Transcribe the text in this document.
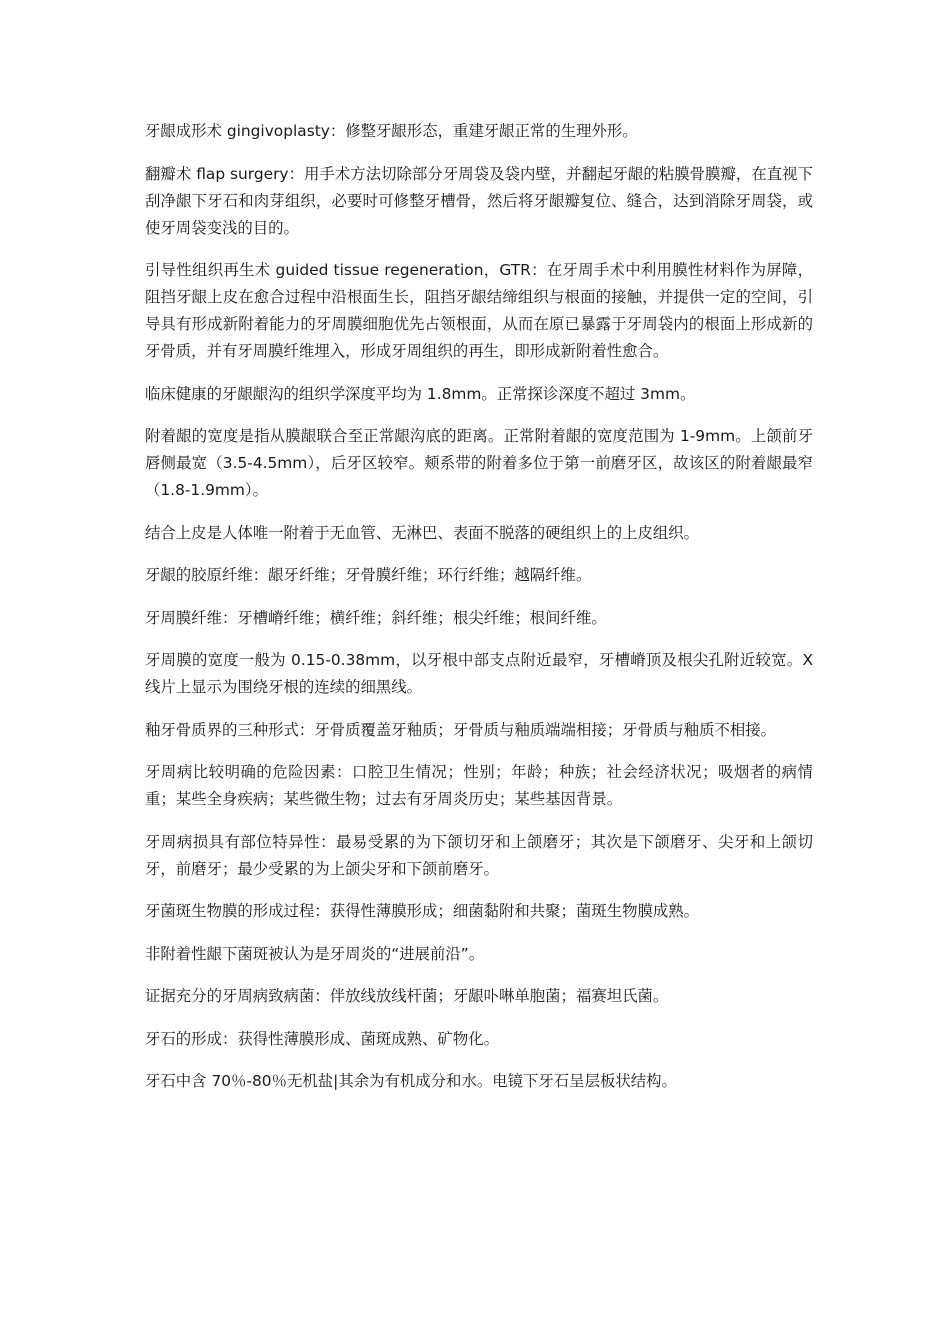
牙龈成形术 gingivoplasty：修整牙龈形态，重建牙龈正常的生理外形。

翻瓣术 flap surgery：用手术方法切除部分牙周袋及袋内壁，并翻起牙龈的粘膜骨膜瓣，在直视下刮净龈下牙石和肉芽组织，必要时可修整牙槽骨，然后将牙龈瓣复位、缝合，达到消除牙周袋，或使牙周袋变浅的目的。

引导性组织再生术 guided tissue regeneration，GTR：在牙周手术中利用膜性材料作为屏障，阻挡牙龈上皮在愈合过程中沿根面生长，阻挡牙龈结缔组织与根面的接触，并提供一定的空间，引导具有形成新附着能力的牙周膜细胞优先占领根面，从而在原已暴露于牙周袋内的根面上形成新的牙骨质，并有牙周膜纤维埋入，形成牙周组织的再生，即形成新附着性愈合。

临床健康的牙龈龈沟的组织学深度平均为 1.8mm。正常探诊深度不超过 3mm。

附着龈的宽度是指从膜龈联合至正常龈沟底的距离。正常附着龈的宽度范围为 1-9mm。上颌前牙唇侧最宽（3.5-4.5mm），后牙区较窄。颊系带的附着多位于第一前磨牙区，故该区的附着龈最窄（1.8-1.9mm）。

结合上皮是人体唯一附着于无血管、无淋巴、表面不脱落的硬组织上的上皮组织。

牙龈的胶原纤维：龈牙纤维；牙骨膜纤维；环行纤维；越隔纤维。

牙周膜纤维：牙槽嵴纤维；横纤维；斜纤维；根尖纤维；根间纤维。

牙周膜的宽度一般为 0.15-0.38mm，以牙根中部支点附近最窄，牙槽嵴顶及根尖孔附近较宽。X 线片上显示为围绕牙根的连续的细黑线。

釉牙骨质界的三种形式：牙骨质覆盖牙釉质；牙骨质与釉质端端相接；牙骨质与釉质不相接。

牙周病比较明确的危险因素：口腔卫生情况；性别；年龄；种族；社会经济状况；吸烟者的病情重；某些全身疾病；某些微生物；过去有牙周炎历史；某些基因背景。

牙周病损具有部位特异性：最易受累的为下颌切牙和上颌磨牙；其次是下颌磨牙、尖牙和上颌切牙，前磨牙；最少受累的为上颌尖牙和下颌前磨牙。

牙菌斑生物膜的形成过程：获得性薄膜形成；细菌黏附和共聚；菌斑生物膜成熟。

非附着性龈下菌斑被认为是牙周炎的“进展前沿”。

证据充分的牙周病致病菌：伴放线放线杆菌；牙龈卟啉单胞菌；福赛坦氏菌。

牙石的形成：获得性薄膜形成、菌斑成熟、矿物化。

牙石中含 70％-80％无机盐|其余为有机成分和水。电镜下牙石呈层板状结构。
